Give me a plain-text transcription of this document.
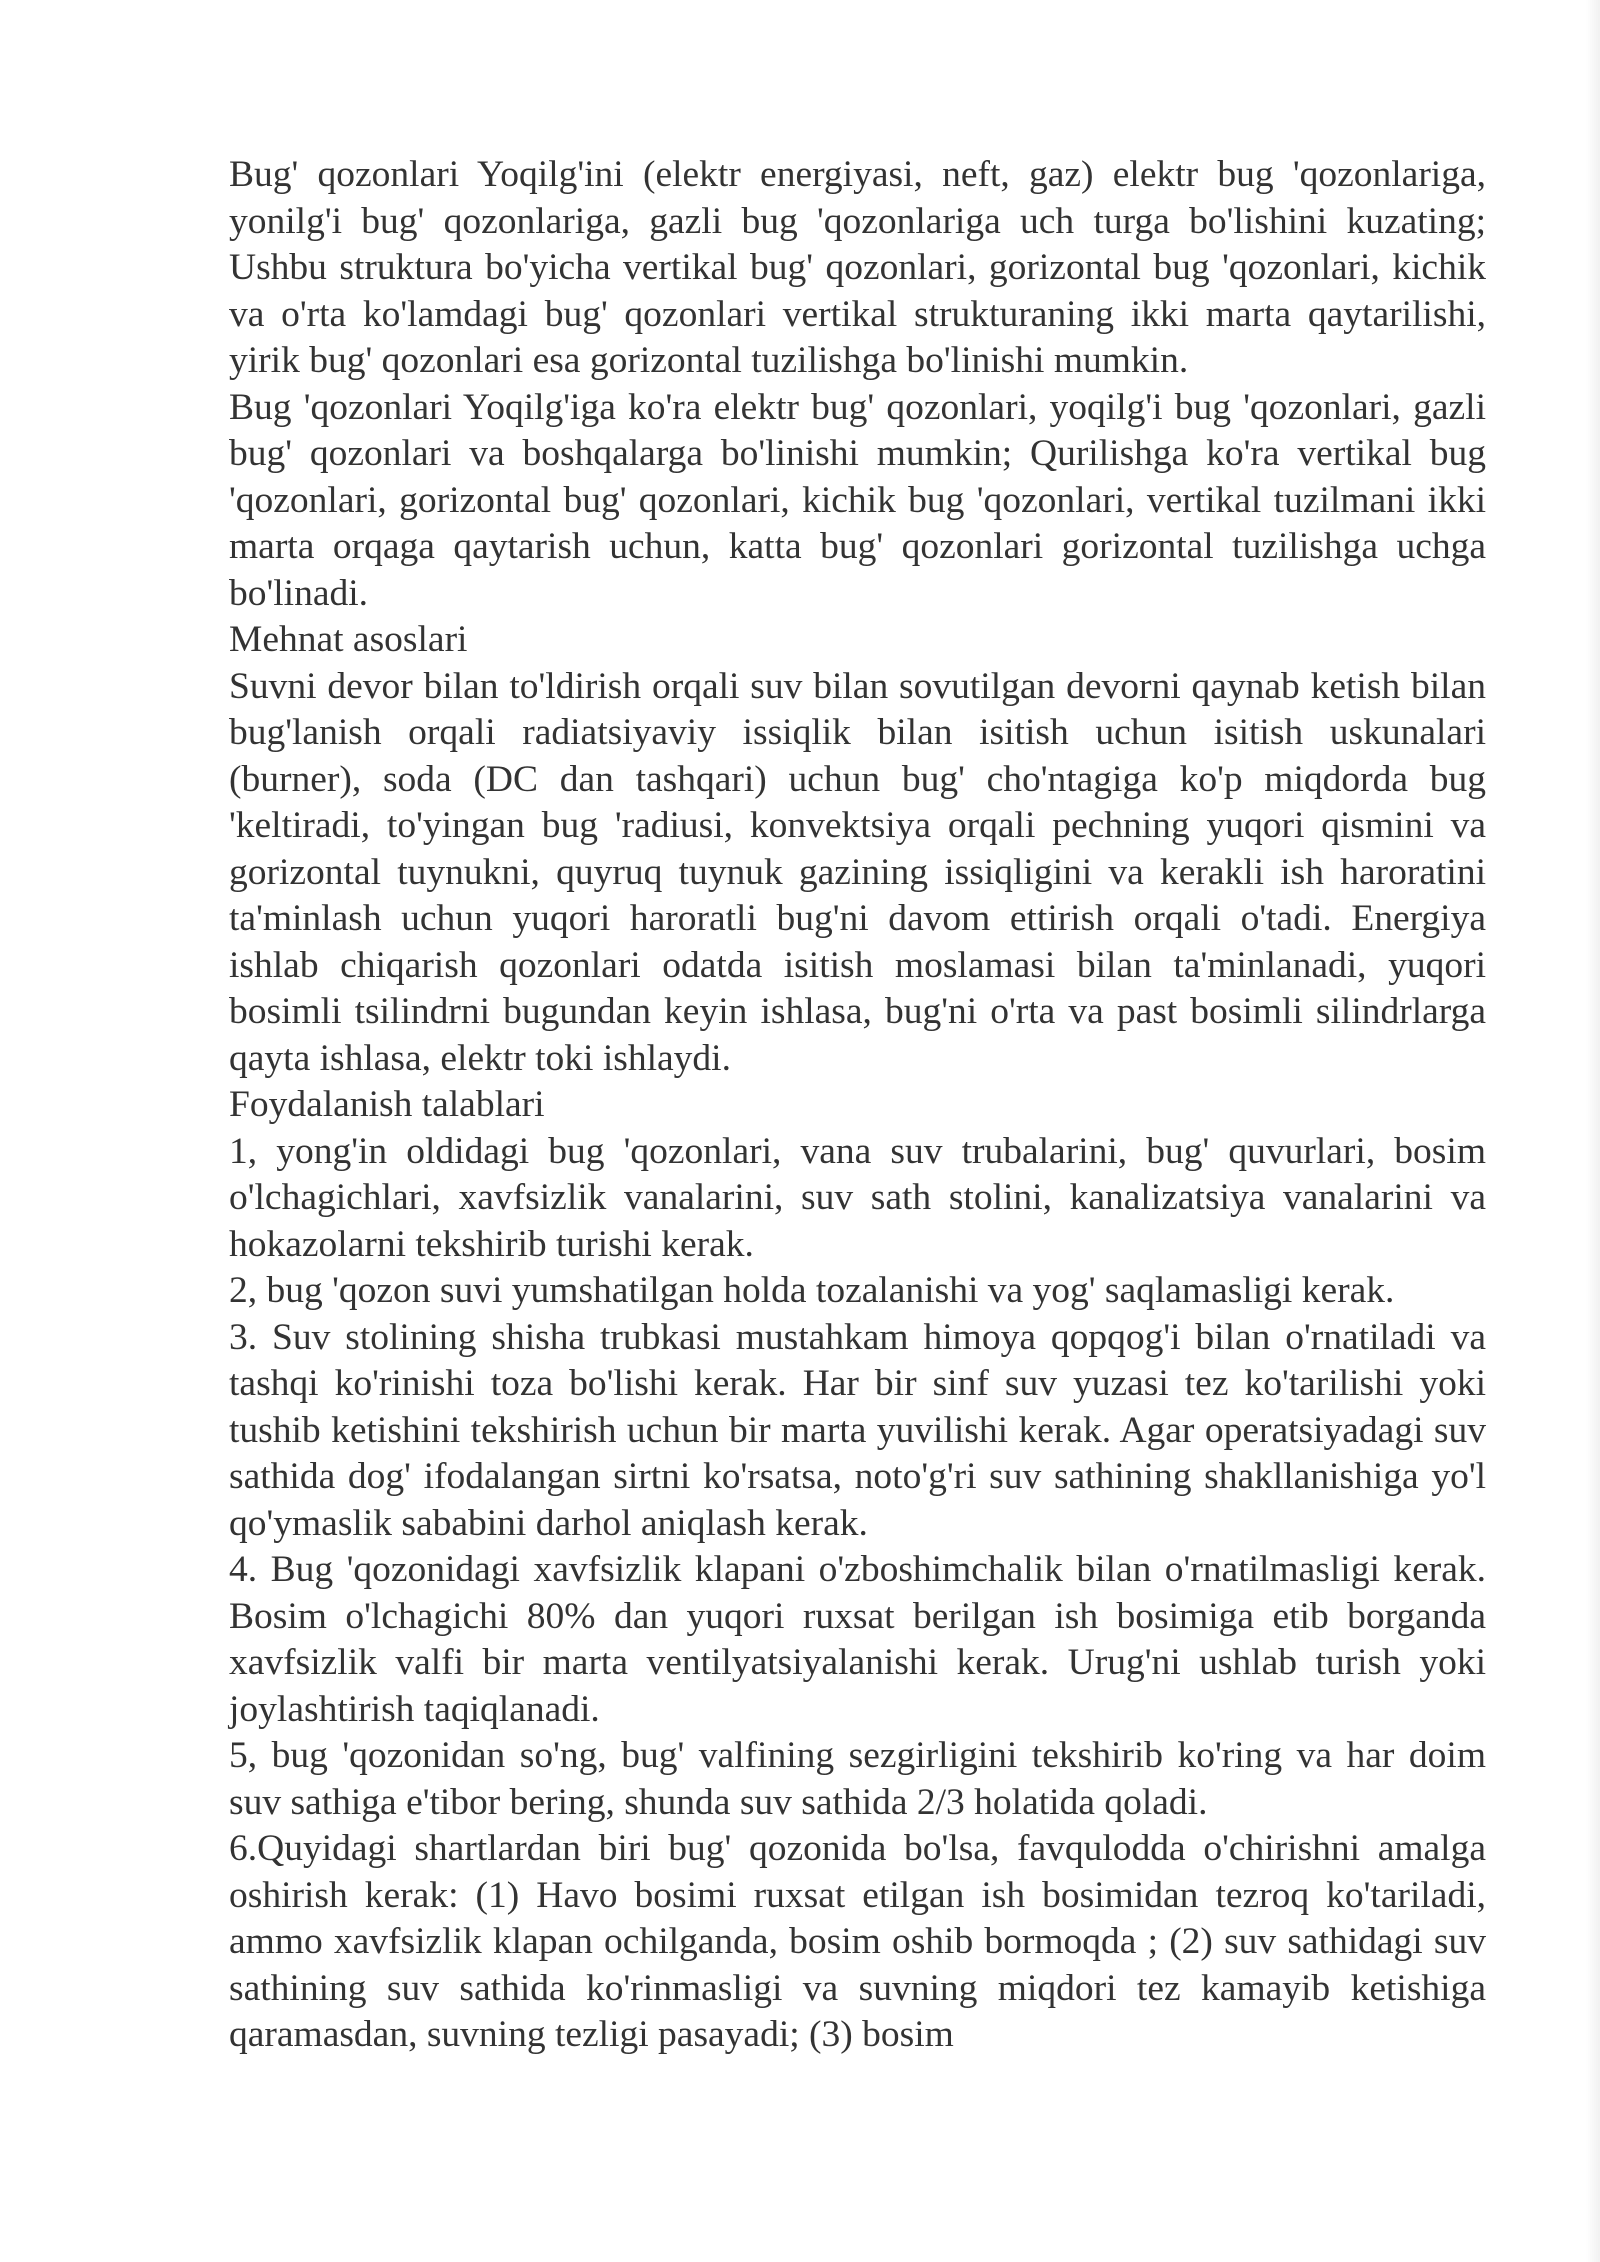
Bug' qozonlari Yoqilg'ini (elektr energiyasi, neft, gaz) elektr bug 'qozonlariga, yonilg'i bug' qozonlariga, gazli bug 'qozonlariga uch turga bo'lishini kuzating; Ushbu struktura bo'yicha vertikal bug' qozonlari, gorizontal bug 'qozonlari, kichik va o'rta ko'lamdagi bug' qozonlari vertikal strukturaning ikki marta qaytarilishi, yirik bug' qozonlari esa gorizontal tuzilishga bo'linishi mumkin.

Bug 'qozonlari Yoqilg'iga ko'ra elektr bug' qozonlari, yoqilg'i bug 'qozonlari, gazli bug' qozonlari va boshqalarga bo'linishi mumkin; Qurilishga ko'ra vertikal bug 'qozonlari, gorizontal bug' qozonlari, kichik bug 'qozonlari, vertikal tuzilmani ikki marta orqaga qaytarish uchun, katta bug' qozonlari gorizontal tuzilishga uchga bo'linadi.

Mehnat asoslari

Suvni devor bilan to'ldirish orqali suv bilan sovutilgan devorni qaynab ketish bilan bug'lanish orqali radiatsiyaviy issiqlik bilan isitish uchun isitish uskunalari (burner), soda (DC dan tashqari) uchun bug' cho'ntagiga ko'p miqdorda bug 'keltiradi, to'yingan bug 'radiusi, konvektsiya orqali pechning yuqori qismini va gorizontal tuynukni, quyruq tuynuk gazining issiqligini va kerakli ish haroratini ta'minlash uchun yuqori haroratli bug'ni davom ettirish orqali o'tadi. Energiya ishlab chiqarish qozonlari odatda isitish moslamasi bilan ta'minlanadi, yuqori bosimli tsilindrni bugundan keyin ishlasa, bug'ni o'rta va past bosimli silindrlarga qayta ishlasa, elektr toki ishlaydi.

Foydalanish talablari

1, yong'in oldidagi bug 'qozonlari, vana suv trubalarini, bug' quvurlari, bosim o'lchagichlari, xavfsizlik vanalarini, suv sath stolini, kanalizatsiya vanalarini va hokazolarni tekshirib turishi kerak.

2, bug 'qozon suvi yumshatilgan holda tozalanishi va yog' saqlamasligi kerak.

3. Suv stolining shisha trubkasi mustahkam himoya qopqog'i bilan o'rnatiladi va tashqi ko'rinishi toza bo'lishi kerak. Har bir sinf suv yuzasi tez ko'tarilishi yoki tushib ketishini tekshirish uchun bir marta yuvilishi kerak. Agar operatsiyadagi suv sathida dog' ifodalangan sirtni ko'rsatsa, noto'g'ri suv sathining shakllanishiga yo'l qo'ymaslik sababini darhol aniqlash kerak.

4. Bug 'qozonidagi xavfsizlik klapani o'zboshimchalik bilan o'rnatilmasligi kerak. Bosim o'lchagichi 80% dan yuqori ruxsat berilgan ish bosimiga etib borganda xavfsizlik valfi bir marta ventilyatsiyalanishi kerak. Urug'ni ushlab turish yoki joylashtirish taqiqlanadi.

5, bug 'qozonidan so'ng, bug' valfining sezgirligini tekshirib ko'ring va har doim suv sathiga e'tibor bering, shunda suv sathida 2/3 holatida qoladi.

6.Quyidagi shartlardan biri bug' qozonida bo'lsa, favqulodda o'chirishni amalga oshirish kerak: (1) Havo bosimi ruxsat etilgan ish bosimidan tezroq ko'tariladi, ammo xavfsizlik klapan ochilganda, bosim oshib bormoqda ; (2) suv sathidagi suv sathining suv sathida ko'rinmasligi va suvning miqdori tez kamayib ketishiga qaramasdan, suvning tezligi pasayadi; (3) bosim
